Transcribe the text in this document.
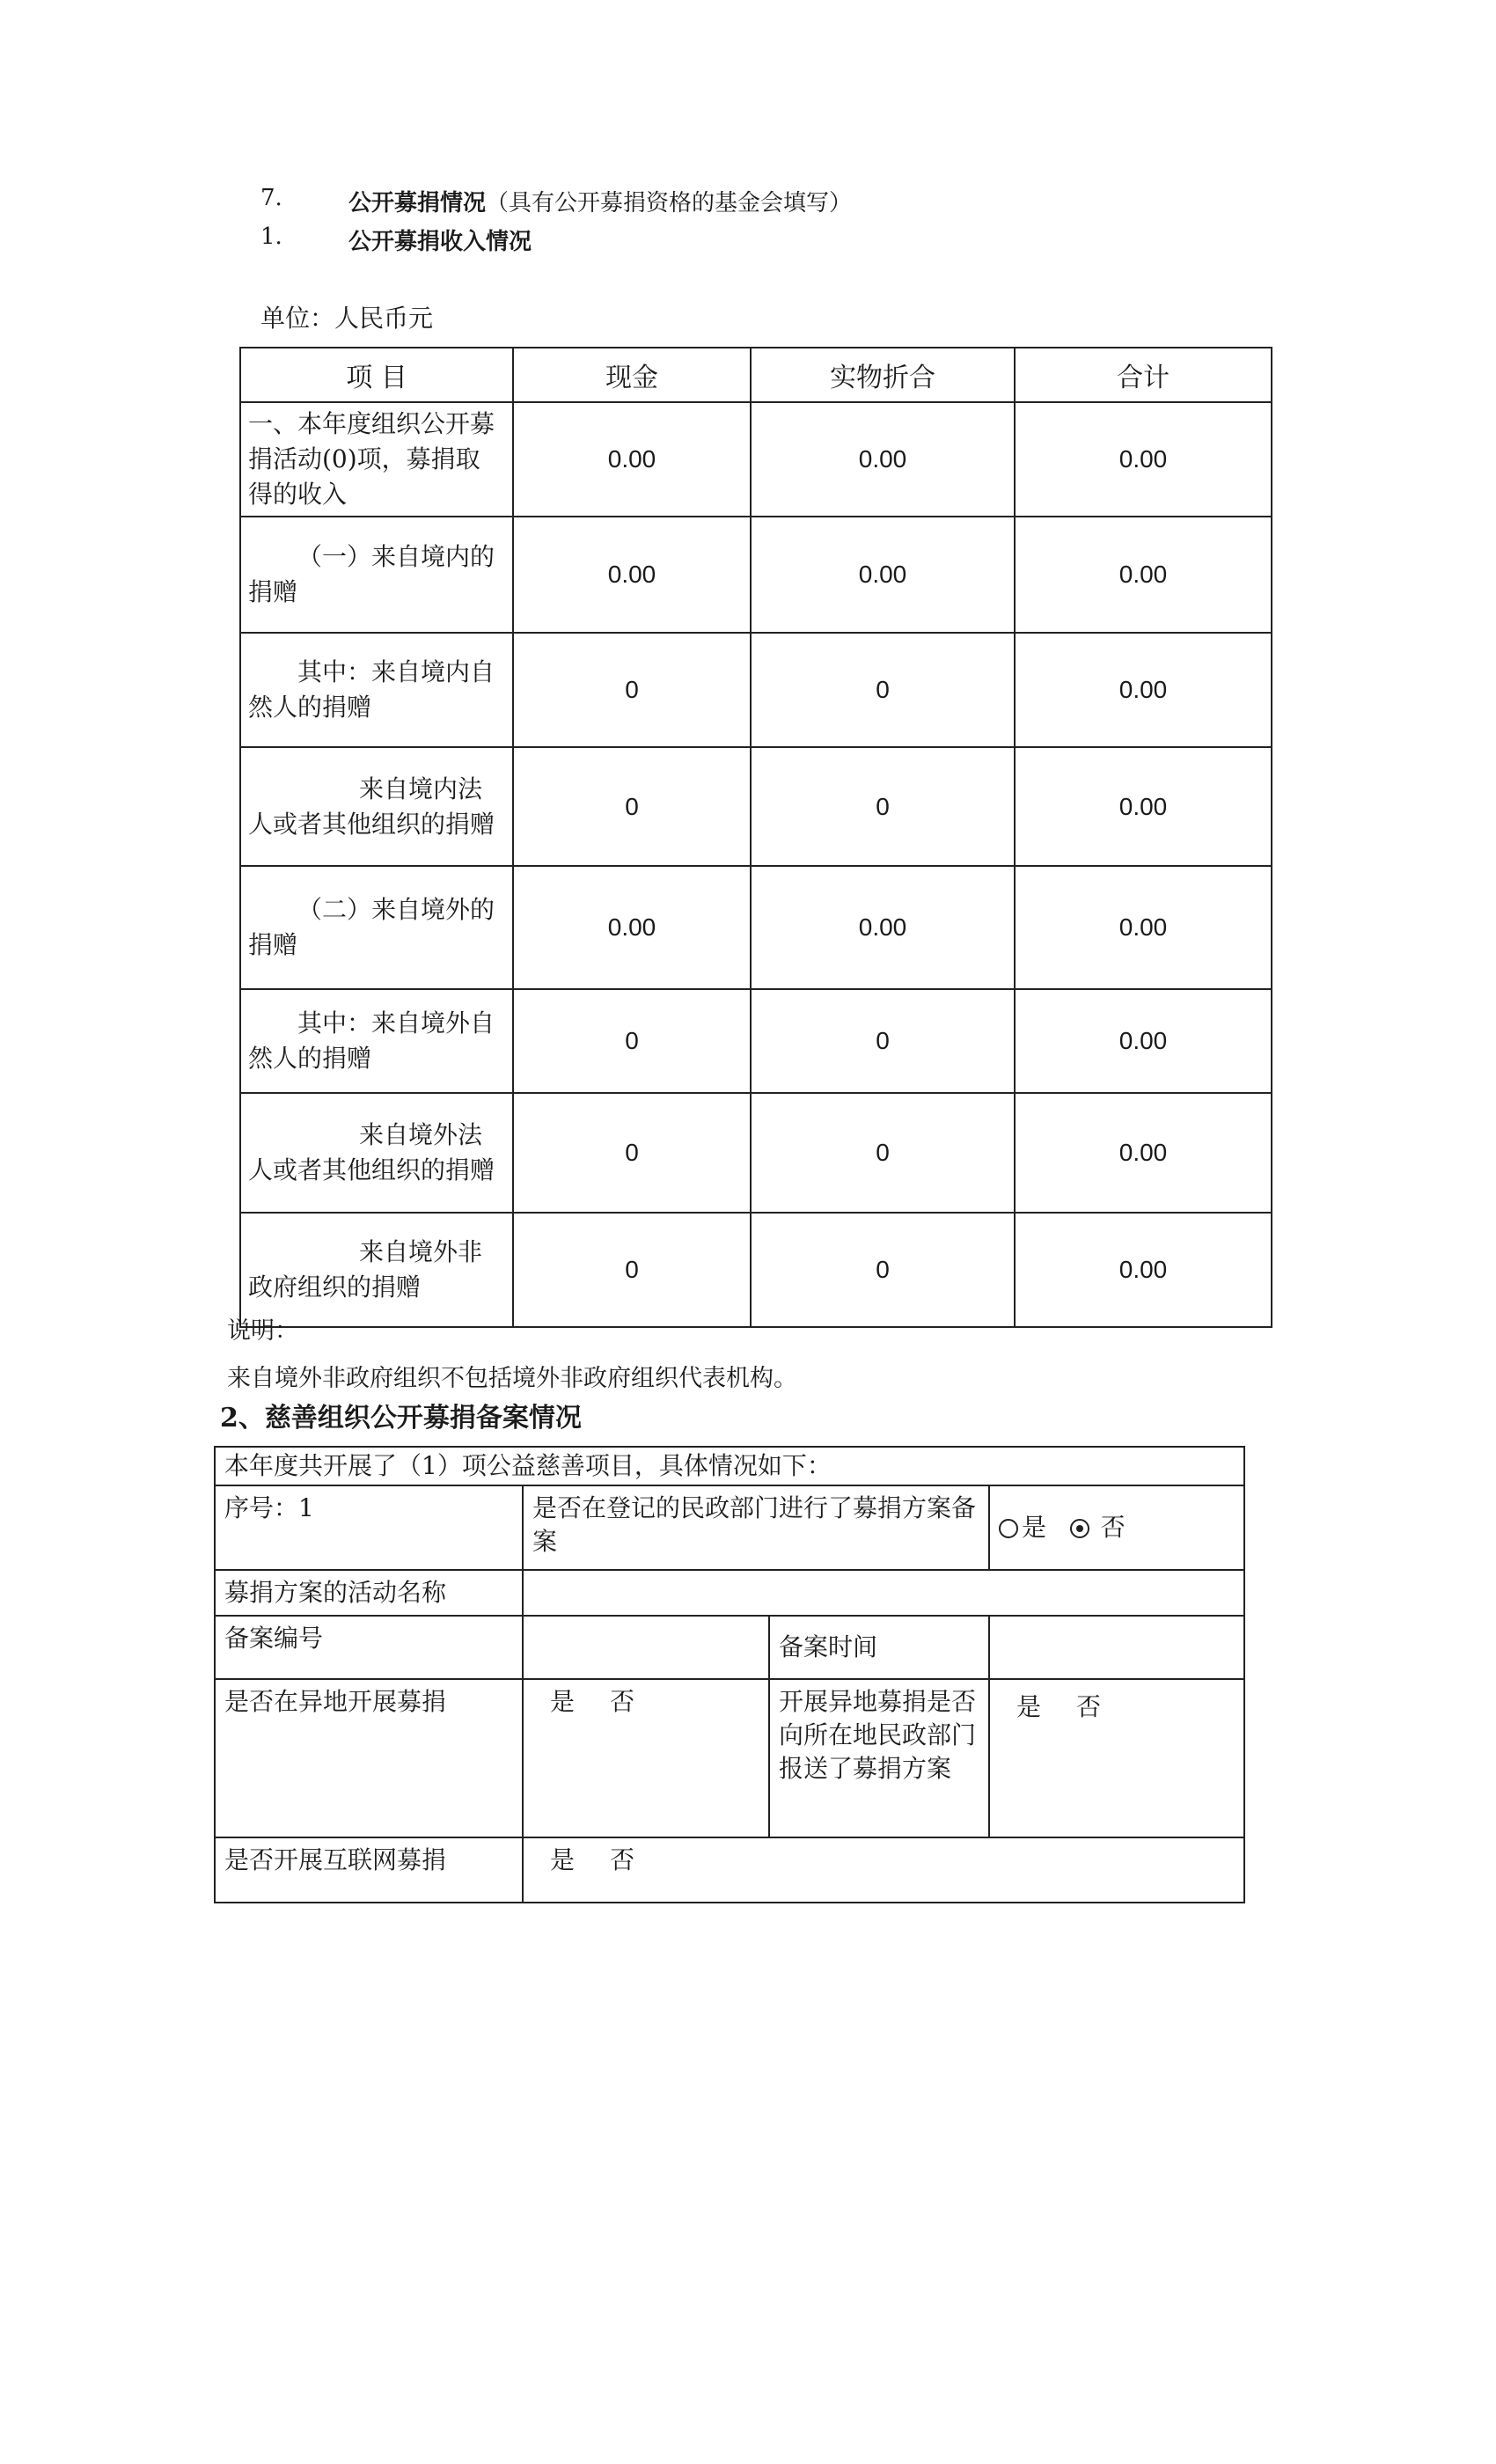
7.	公开募捐情况（具有公开募捐资格的基金会填写）
1.	公开募捐收入情况
单位：人民币元
项 目	现金	实物折合	合计
一、本年度组织公开募捐活动(0)项，募捐取得的收入	0.00	0.00	0.00
（一）来自境内的捐赠	0.00	0.00	0.00
其中：来自境内自然人的捐赠	0	0	0.00
来自境内法人或者其他组织的捐赠	0	0	0.00
（二）来自境外的捐赠	0.00	0.00	0.00
其中：来自境外自然人的捐赠	0	0	0.00
来自境外法人或者其他组织的捐赠	0	0	0.00
来自境外非政府组织的捐赠	0	0	0.00
说明：
来自境外非政府组织不包括境外非政府组织代表机构。
2、慈善组织公开募捐备案情况
本年度共开展了（1）项公益慈善项目，具体情况如下：			
序号：1	是否在登记的民政部门进行了募捐方案备案		是 否
募捐方案的活动名称			
备案编号		备案时间	
是否在异地开展募捐	是 否	开展异地募捐是否向所在地民政部门报送了募捐方案	是 否
是否开展互联网募捐	是 否		
